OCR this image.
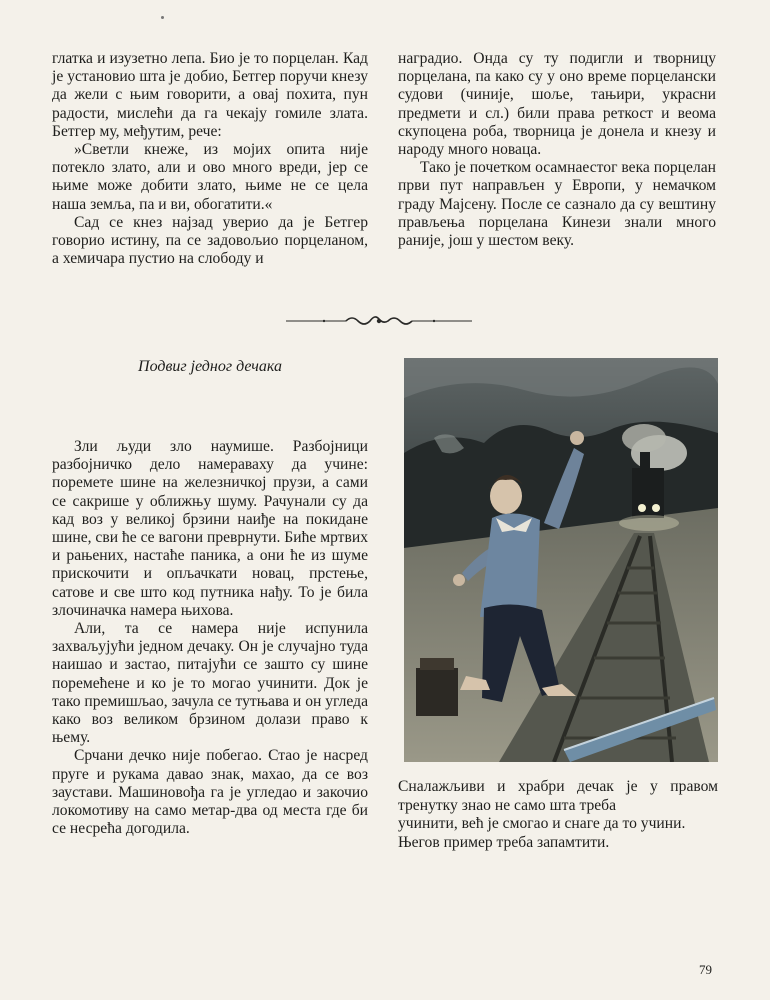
глатка и изузетно лепа. Био је то порцелан. Кад је установио шта је добио, Бетгер поручи кнезу да жели с њим говорити, а овај похита, пун радости, мислећи да га чекају гомиле злата. Бетгер му, међутим, рече:

»Светли кнеже, из мојих опита није потекло злато, али и ово много вреди, јер се њиме може добити злато, њиме не се цела наша земља, па и ви, обогатити.«

Сад се кнез најзад уверио да је Бетгер говорио истину, па се задовољио порцеланом, а хемичара пустио на слободу и

наградио. Онда су ту подигли и творницу порцелана, па како су у оно време порцелански судови (чиније, шоље, тањири, украсни предмети и сл.) били права реткост и веома скупоцена роба, творница је донела и кнезу и народу много новаца.

Тако је почетком осамнаестог века порцелан први пут направљен у Европи, у немачком граду Мајсену. После се сазнало да су вештину прављења порцелана Кинези знали много раније, још у шестом веку.

Подвиг једног дечака

Зли људи зло наумише. Разбојници разбојничко дело намераваху да учине: поремете шине на железничкој прузи, а сами се сакрише у оближњу шуму. Рачунали су да кад воз у великој брзини наиђе на покидане шине, сви ће се вагони преврнути. Биће мртвих и рањених, настаће паника, а они ће из шуме прискочити и опљачкати новац, прстење, сатове и све што код путника нађу. То је била злочиначка намера њихова.

Али, та се намера није испунила захваљујући једном дечаку. Он је случајно туда наишао и застао, питајући се зашто су шине поремећене и ко је то могао учинити. Док је тако премишљао, зачула се тутњава и он угледа како воз великом брзином долази право к њему.

Срчани дечко није побегао. Стао је насред пруге и рукама давао знак, махао, да се воз заустави. Машиновођа га је угледао и закочио локомотиву на само метар-два од места где би се несрећа догодила.

Сналажљиви и храбри дечак је у правом тренутку знао не само шта треба
учинити, већ је смогао и снаге да то учини.
Његов пример треба запамтити.
79
